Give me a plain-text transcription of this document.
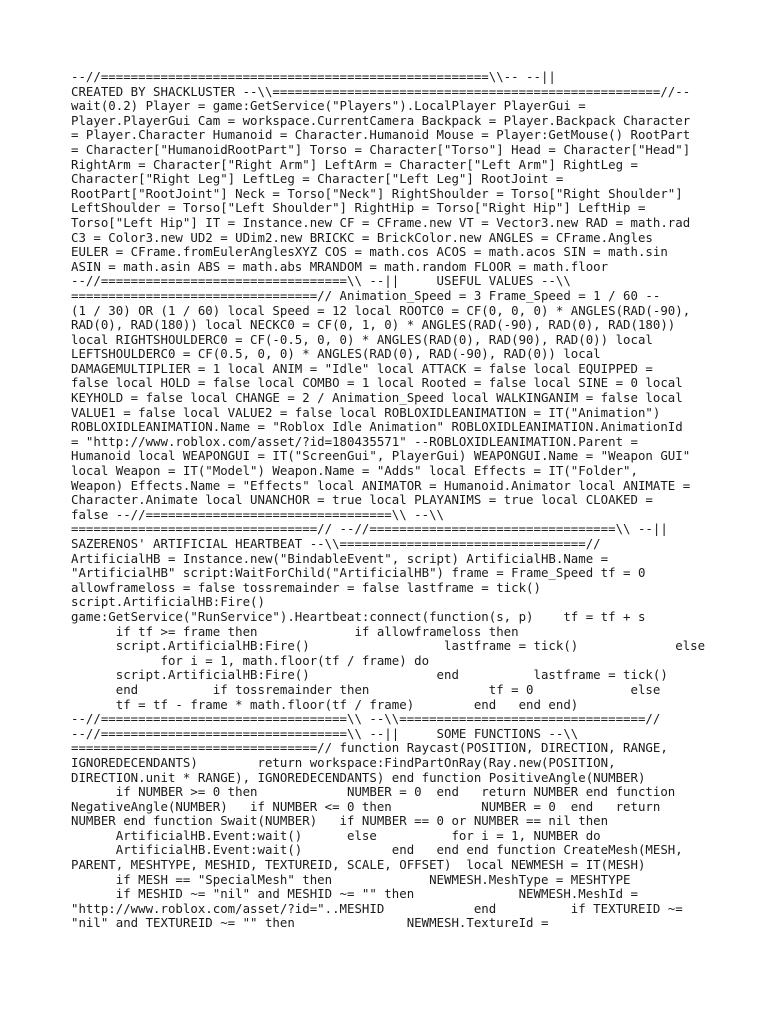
--//====================================================\\-- --||
CREATED BY SHACKLUSTER --\\====================================================//--
wait(0.2) Player = game:GetService("Players").LocalPlayer PlayerGui =
Player.PlayerGui Cam = workspace.CurrentCamera Backpack = Player.Backpack Character
= Player.Character Humanoid = Character.Humanoid Mouse = Player:GetMouse() RootPart
= Character["HumanoidRootPart"] Torso = Character["Torso"] Head = Character["Head"]
RightArm = Character["Right Arm"] LeftArm = Character["Left Arm"] RightLeg =
Character["Right Leg"] LeftLeg = Character["Left Leg"] RootJoint =
RootPart["RootJoint"] Neck = Torso["Neck"] RightShoulder = Torso["Right Shoulder"]
LeftShoulder = Torso["Left Shoulder"] RightHip = Torso["Right Hip"] LeftHip =
Torso["Left Hip"] IT = Instance.new CF = CFrame.new VT = Vector3.new RAD = math.rad
C3 = Color3.new UD2 = UDim2.new BRICKC = BrickColor.new ANGLES = CFrame.Angles
EULER = CFrame.fromEulerAnglesXYZ COS = math.cos ACOS = math.acos SIN = math.sin
ASIN = math.asin ABS = math.abs MRANDOM = math.random FLOOR = math.floor
--//=================================\\ --||     USEFUL VALUES --\\
=================================// Animation_Speed = 3 Frame_Speed = 1 / 60 --
(1 / 30) OR (1 / 60) local Speed = 12 local ROOTC0 = CF(0, 0, 0) * ANGLES(RAD(-90),
RAD(0), RAD(180)) local NECKC0 = CF(0, 1, 0) * ANGLES(RAD(-90), RAD(0), RAD(180))
local RIGHTSHOULDERC0 = CF(-0.5, 0, 0) * ANGLES(RAD(0), RAD(90), RAD(0)) local
LEFTSHOULDERC0 = CF(0.5, 0, 0) * ANGLES(RAD(0), RAD(-90), RAD(0)) local
DAMAGEMULTIPLIER = 1 local ANIM = "Idle" local ATTACK = false local EQUIPPED =
false local HOLD = false local COMBO = 1 local Rooted = false local SINE = 0 local
KEYHOLD = false local CHANGE = 2 / Animation_Speed local WALKINGANIM = false local
VALUE1 = false local VALUE2 = false local ROBLOXIDLEANIMATION = IT("Animation")
ROBLOXIDLEANIMATION.Name = "Roblox Idle Animation" ROBLOXIDLEANIMATION.AnimationId
= "http://www.roblox.com/asset/?id=180435571" --ROBLOXIDLEANIMATION.Parent =
Humanoid local WEAPONGUI = IT("ScreenGui", PlayerGui) WEAPONGUI.Name = "Weapon GUI"
local Weapon = IT("Model") Weapon.Name = "Adds" local Effects = IT("Folder",
Weapon) Effects.Name = "Effects" local ANIMATOR = Humanoid.Animator local ANIMATE =
Character.Animate local UNANCHOR = true local PLAYANIMS = true local CLOAKED =
false --//=================================\\ --\\
=================================// --//=================================\\ --||
SAZERENOS' ARTIFICIAL HEARTBEAT --\\=================================//
ArtificialHB = Instance.new("BindableEvent", script) ArtificialHB.Name =
"ArtificialHB" script:WaitForChild("ArtificialHB") frame = Frame_Speed tf = 0
allowframeloss = false tossremainder = false lastframe = tick()
script.ArtificialHB:Fire()
game:GetService("RunService").Heartbeat:connect(function(s, p)    tf = tf + s
if tf >= frame then             if allowframeloss then
script.ArtificialHB:Fire()                  lastframe = tick()             else
for i = 1, math.floor(tf / frame) do
script.ArtificialHB:Fire()                 end          lastframe = tick()
end          if tossremainder then                tf = 0             else
tf = tf - frame * math.floor(tf / frame)        end   end end)
--//=================================\\ --\\=================================//
--//=================================\\ --||     SOME FUNCTIONS --\\
=================================// function Raycast(POSITION, DIRECTION, RANGE,
IGNOREDECENDANTS)        return workspace:FindPartOnRay(Ray.new(POSITION,
DIRECTION.unit * RANGE), IGNOREDECENDANTS) end function PositiveAngle(NUMBER)
if NUMBER >= 0 then            NUMBER = 0  end   return NUMBER end function
NegativeAngle(NUMBER)   if NUMBER <= 0 then            NUMBER = 0  end   return
NUMBER end function Swait(NUMBER)   if NUMBER == 0 or NUMBER == nil then
ArtificialHB.Event:wait()      else          for i = 1, NUMBER do
ArtificialHB.Event:wait()            end   end end function CreateMesh(MESH,
PARENT, MESHTYPE, MESHID, TEXTUREID, SCALE, OFFSET)  local NEWMESH = IT(MESH)
if MESH == "SpecialMesh" then             NEWMESH.MeshType = MESHTYPE
if MESHID ~= "nil" and MESHID ~= "" then              NEWMESH.MeshId =
"http://www.roblox.com/asset/?id="..MESHID            end          if TEXTUREID ~=
"nil" and TEXTUREID ~= "" then               NEWMESH.TextureId =
